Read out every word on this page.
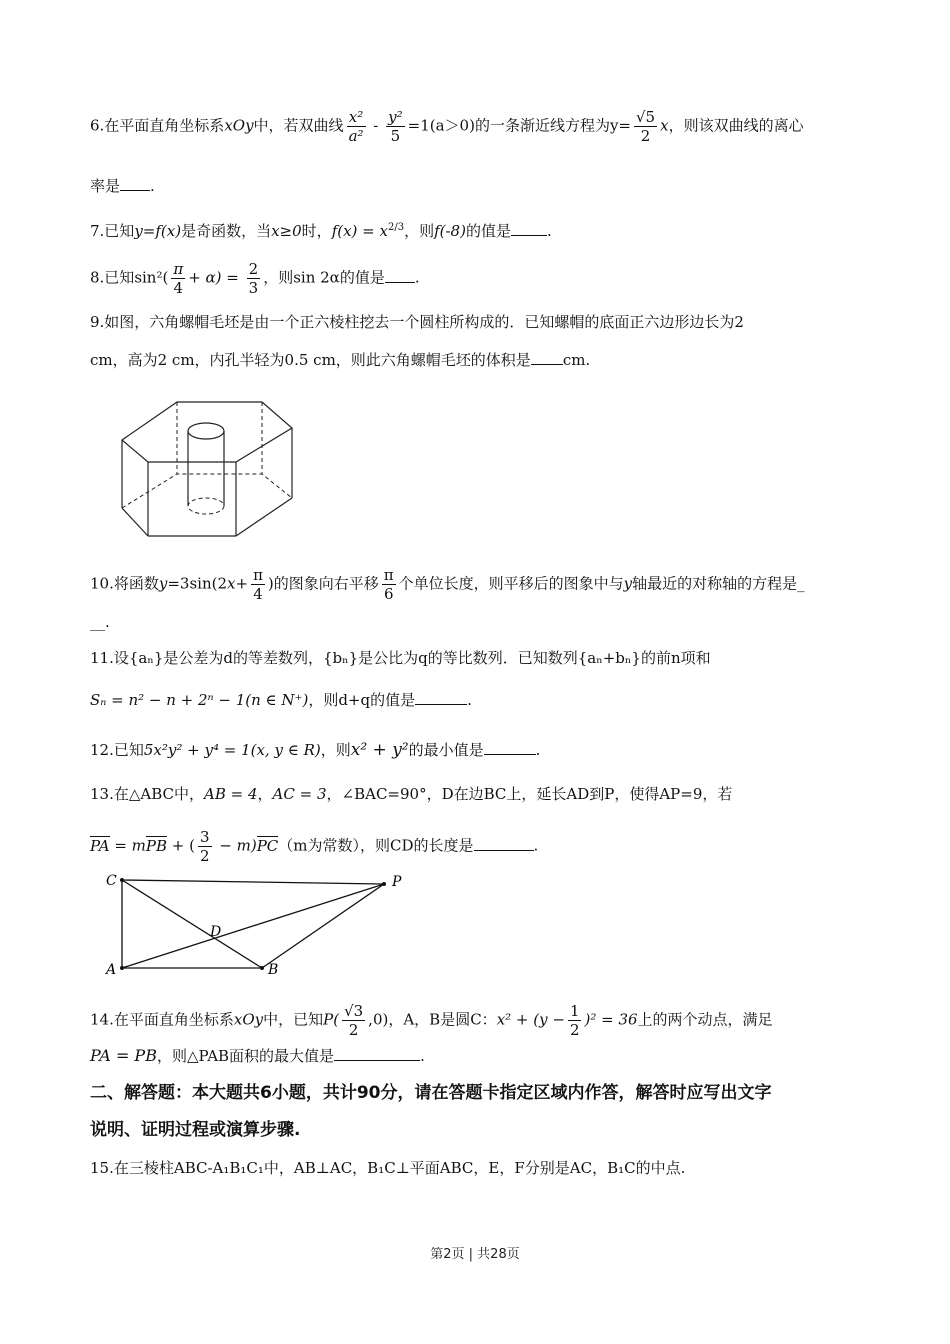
6.在平面直角坐标系xOy中，若双曲线 $\frac{\text{x²}}{\text{a²}} - \frac{\text{y²}}{5} =1(a>0)$的一条渐近线方程为$y= \frac{√5}{2}$ x，则该双曲线的离心
率是 .
7.已知y=f(x)是奇函数，当x≥0时，$f(x) = x^{2/3}$，则f(-8)的值是 .
8.已知$\sin^2( \frac{\pi}{4} + \alpha) = \frac{2}{3}$ ，则sin 2α的值是 .
9.如图，六角螺帽毛坯是由一个正六棱柱挖去一个圆柱所构成的．已知螺帽的底面正六边形边长为2
cm，高为2 cm，内孔半轻为0.5 cm，则此六角螺帽毛坯的体积是 cm.
10.将函数$y=3\sin(2x+ \frac{\pi}{4}$ )的图象向右平移 $\frac{\pi}{6}$ 个单位长度，则平移后的图象中与y轴最近的对称轴的方程是_
__.
11.设{aₙ}是公差为d的等差数列，{bₙ}是公比为q的等比数列．已知数列{aₙ+bₙ}的前n项和
Sₙ = n² − n + 2ⁿ − 1(n ∈ N⁺)，则d+q的值是	.
12.已知5x²y² + y⁴ = 1(x, y ∈ R)，则x² + y²的最小值是	.
13.在△ABC中，AB = 4，AC = 3，∠BAC=90°，D在边BC上，延长AD到P，使得AP=9，若
PA = mPB + ( $\frac{3}{2} - m)PC(m$为常数），则CD的长度是	.
C	P
D
A	B
14.在平面直角坐标系xOy中，已知$P( \frac{√3}{2} ,0)$，A，B是圆C：$x^2 + (y - \frac{1}{2} )^2 = 36$上的两个动点，满足
PA = PB，则△PAB面积的最大值是	.
二、解答题：本大题共6小题，共计90分，请在答题卡指定区域内作答，解答时应写出文字
说明、证明过程或演算步骤.
15.在三棱柱ABC-A₁B₁C₁中，AB⊥AC，B₁C⊥平面ABC，E，F分别是AC，B₁C的中点.
第2页 | 共28页
